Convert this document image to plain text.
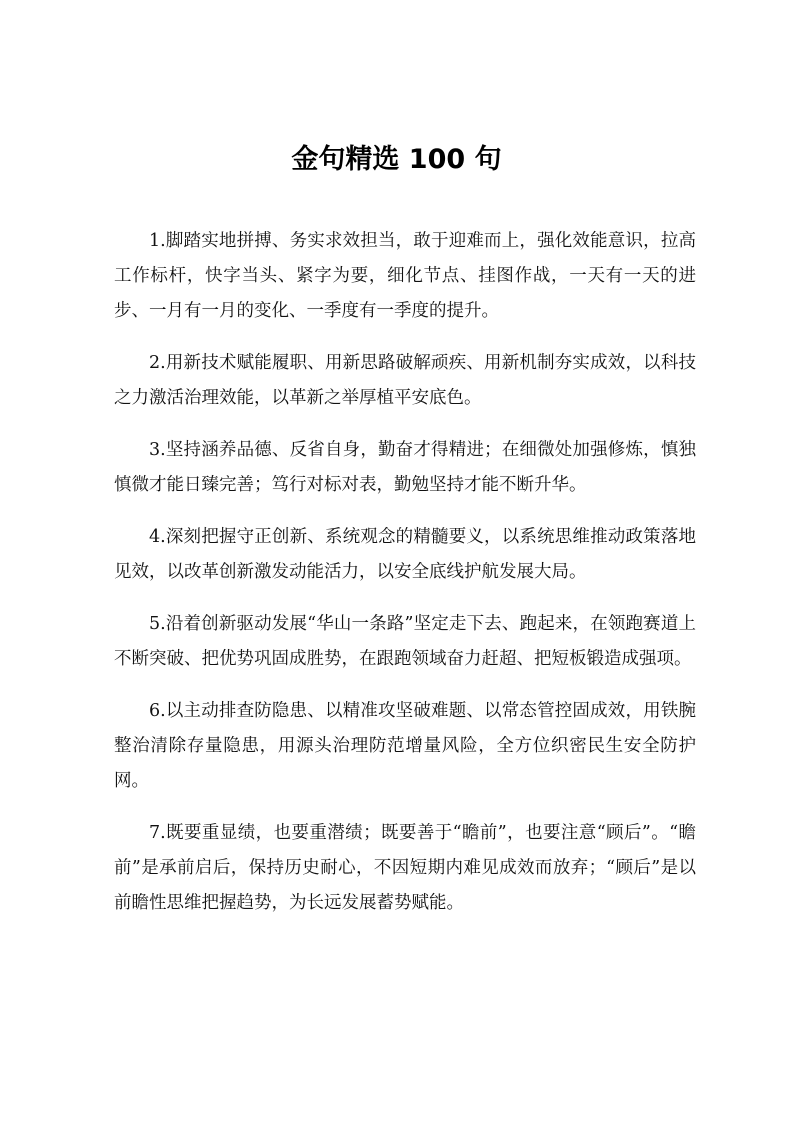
金句精选 100 句

1.脚踏实地拼搏、务实求效担当，敢于迎难而上，强化效能意识，拉高工作标杆，快字当头、紧字为要，细化节点、挂图作战，一天有一天的进步、一月有一月的变化、一季度有一季度的提升。

2.用新技术赋能履职、用新思路破解顽疾、用新机制夯实成效，以科技之力激活治理效能，以革新之举厚植平安底色。

3.坚持涵养品德、反省自身，勤奋才得精进；在细微处加强修炼，慎独慎微才能日臻完善；笃行对标对表，勤勉坚持才能不断升华。

4.深刻把握守正创新、系统观念的精髓要义，以系统思维推动政策落地见效，以改革创新激发动能活力，以安全底线护航发展大局。

5.沿着创新驱动发展“华山一条路”坚定走下去、跑起来，在领跑赛道上不断突破、把优势巩固成胜势，在跟跑领域奋力赶超、把短板锻造成强项。

6.以主动排查防隐患、以精准攻坚破难题、以常态管控固成效，用铁腕整治清除存量隐患，用源头治理防范增量风险，全方位织密民生安全防护网。

7.既要重显绩，也要重潜绩；既要善于“瞻前”，也要注意“顾后”。“瞻前”是承前启后，保持历史耐心，不因短期内难见成效而放弃；“顾后”是以前瞻性思维把握趋势，为长远发展蓄势赋能。
